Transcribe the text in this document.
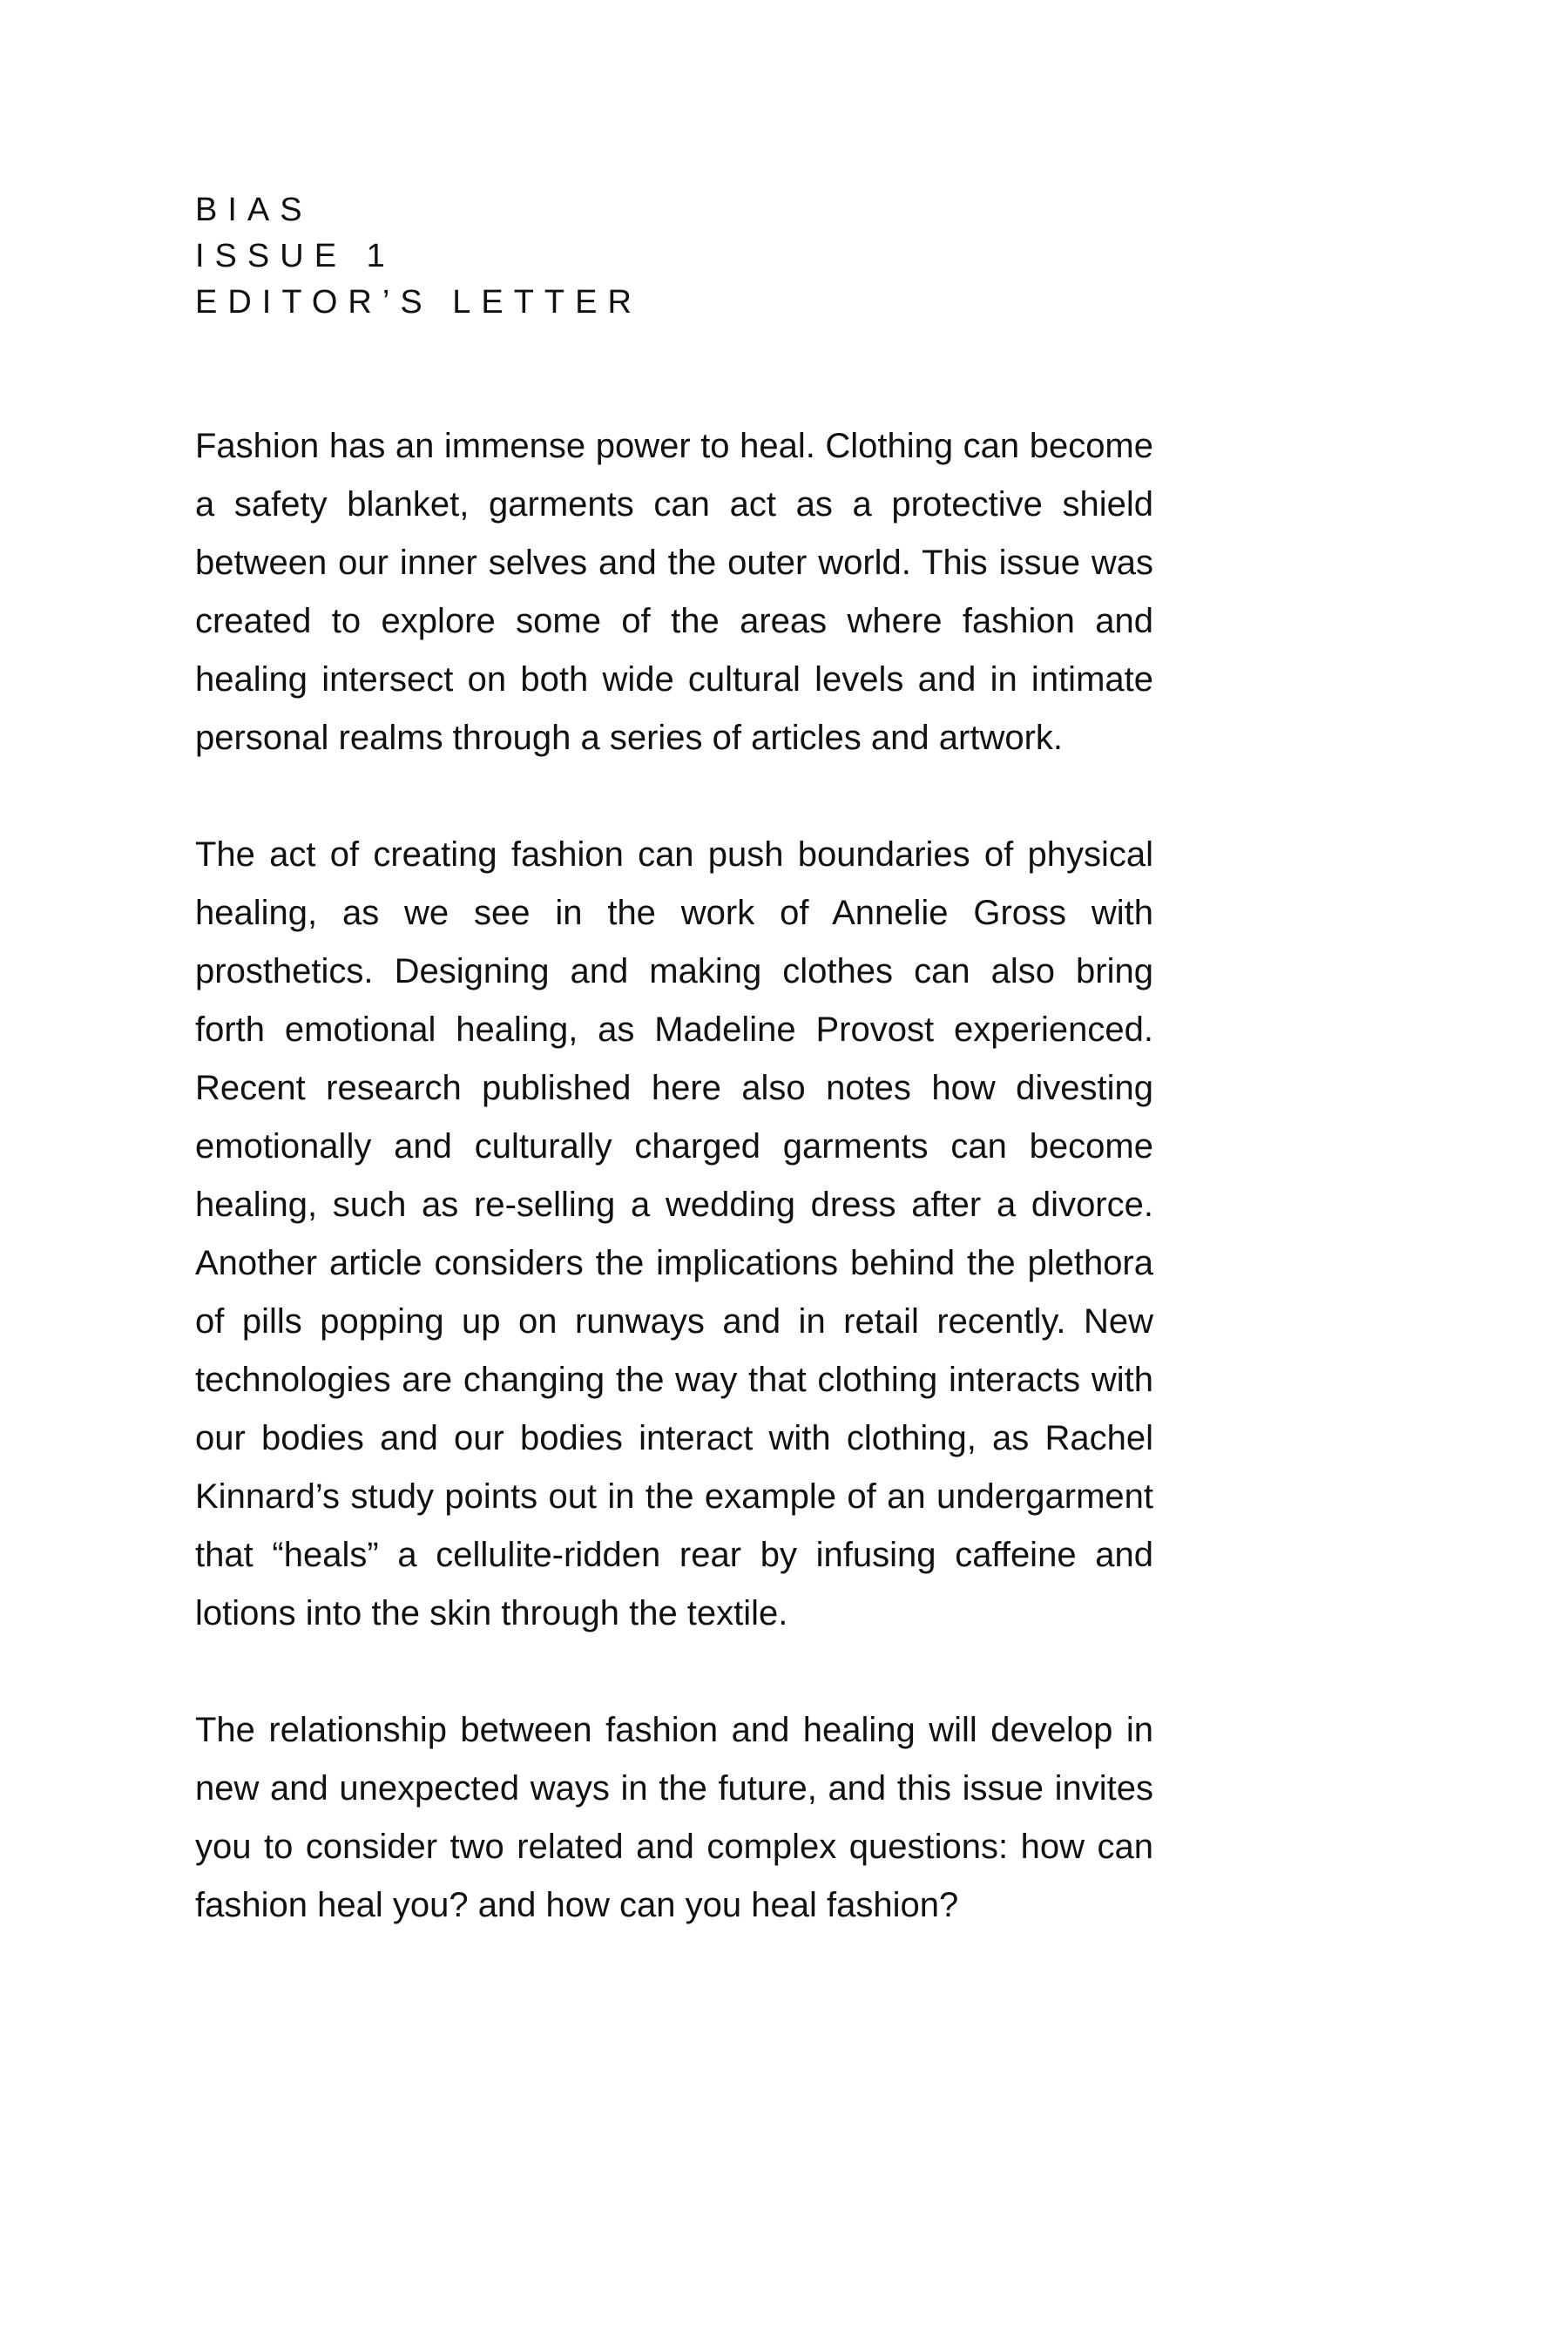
BIAS
ISSUE 1
EDITOR’S LETTER

Fashion has an immense power to heal. Clothing can become a safety blanket, garments can act as a protective shield between our inner selves and the outer world. This issue was created to explore some of the areas where fashion and healing intersect on both wide cultural levels and in intimate personal realms through a series of articles and artwork.

The act of creating fashion can push boundaries of physical healing, as we see in the work of Annelie Gross with prosthetics. Designing and making clothes can also bring forth emotional healing, as Madeline Provost experienced. Recent research published here also notes how divesting emotionally and culturally charged garments can become healing, such as re-selling a wedding dress after a divorce. Another article considers the implications behind the plethora of pills popping up on runways and in retail recently. New technologies are changing the way that clothing interacts with our bodies and our bodies interact with clothing, as Rachel Kinnard’s study points out in the example of an undergarment that “heals” a cellulite-ridden rear by infusing caffeine and lotions into the skin through the textile.

The relationship between fashion and healing will develop in new and unexpected ways in the future, and this issue invites you to consider two related and complex questions: how can fashion heal you? and how can you heal fashion?
